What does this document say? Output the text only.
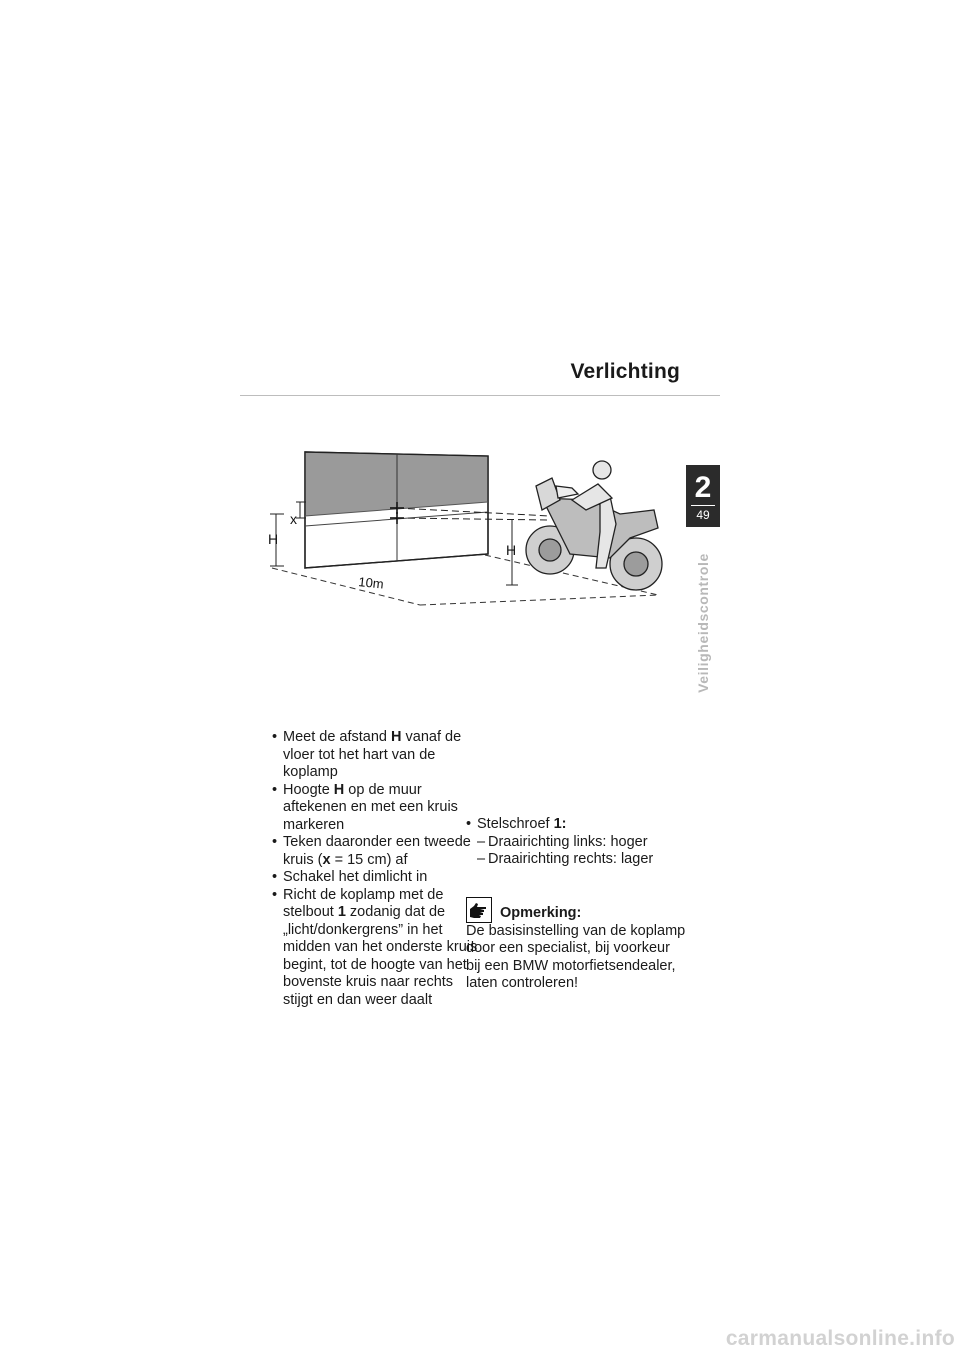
Verlichting
2
49
Veiligheidscontrole
x
H
H
10m
• Meet de afstand H vanaf de vloer tot het hart van de koplamp
• Hoogte H op de muur aftekenen en met een kruis markeren
• Teken daaronder een tweede kruis (x = 15 cm) af
• Schakel het dimlicht in
• Richt de koplamp met de stelbout 1 zodanig dat de „licht/donkergrens” in het midden van het onderste kruis begint, tot de hoogte van het bovenste kruis naar rechts stijgt en dan weer daalt
• Stelschroef 1:
– Draairichting links: hoger
– Draairichting rechts: lager
Opmerking:
De basisinstelling van de koplamp door een specialist, bij voorkeur bij een BMW motorfietsendealer, laten controleren!
carmanualsonline.info
